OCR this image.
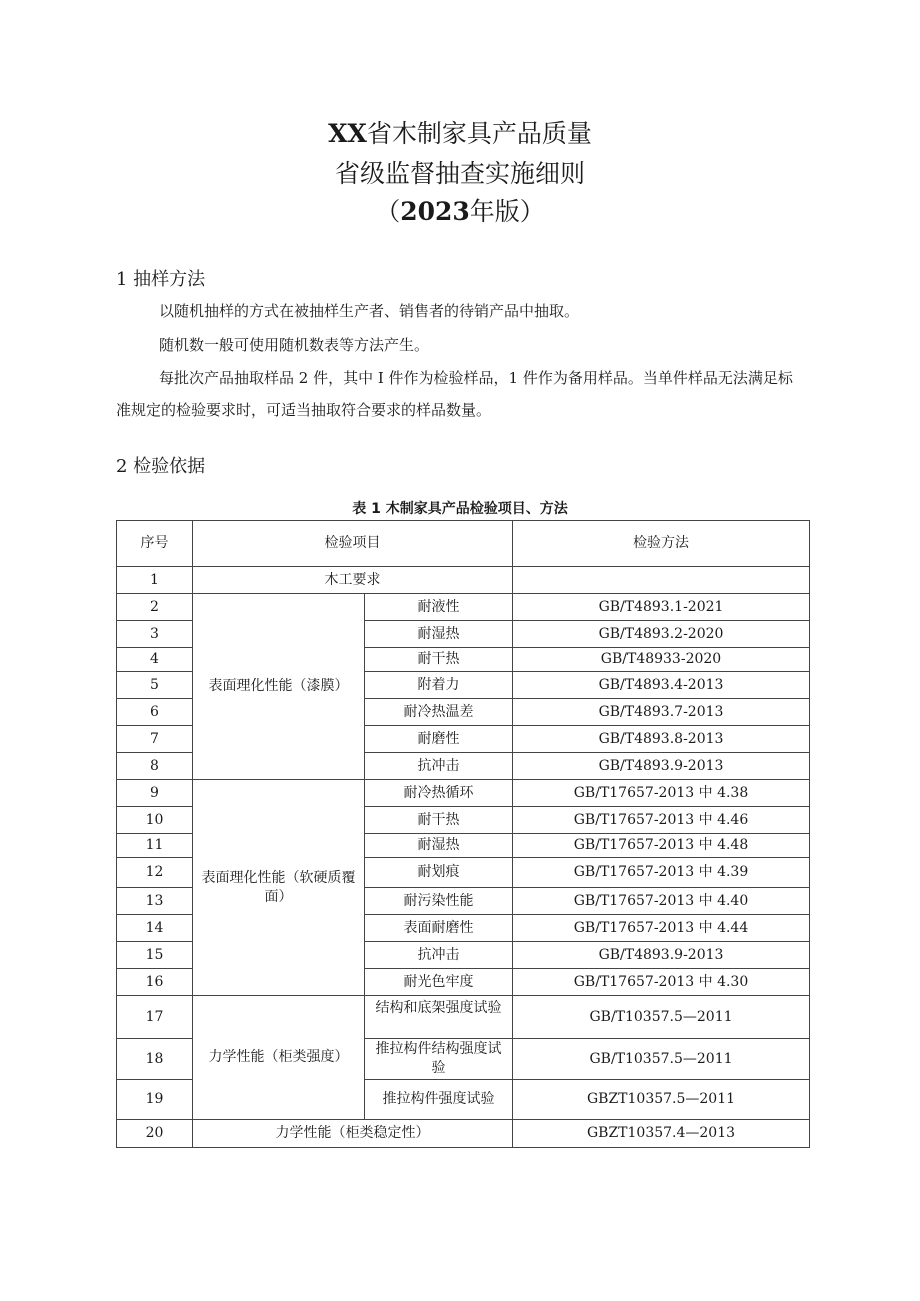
XX省木制家具产品质量
省级监督抽查实施细则
（2023年版）
1 抽样方法
以随机抽样的方式在被抽样生产者、销售者的待销产品中抽取。
随机数一般可使用随机数表等方法产生。
每批次产品抽取样品 2 件，其中 I 件作为检验样品，1 件作为备用样品。当单件样品无法满足标
准规定的检验要求时，可适当抽取符合要求的样品数量。
2 检验依据
表 1 木制家具产品检验项目、方法
序号	检验项目		检验方法
1	木工要求		
2	表面理化性能（漆膜）	耐液性	GB/T4893.1-2021
3		耐湿热	GB/T4893.2-2020
4		耐干热	GB/T48933-2020
5		附着力	GB/T4893.4-2013
6		耐冷热温差	GB/T4893.7-2013
7		耐磨性	GB/T4893.8-2013
8		抗冲击	GB/T4893.9-2013
9	表面理化性能（软硬质覆面）	耐冷热循环	GB/T17657-2013 中 4.38
10		耐干热	GB/T17657-2013 中 4.46
11		耐湿热	GB/T17657-2013 中 4.48
12		耐划痕	GB/T17657-2013 中 4.39
13		耐污染性能	GB/T17657-2013 中 4.40
14		表面耐磨性	GB/T17657-2013 中 4.44
15		抗冲击	GB/T4893.9-2013
16		耐光色牢度	GB/T17657-2013 中 4.30
17	力学性能（柜类强度）	结构和底架强度试验	GB/T10357.5—2011
18		推拉构件结构强度试验	GB/T10357.5—2011
19		推拉构件强度试验	GBZT10357.5—2011
20	力学性能（柜类稳定性）		GBZT10357.4—2013
